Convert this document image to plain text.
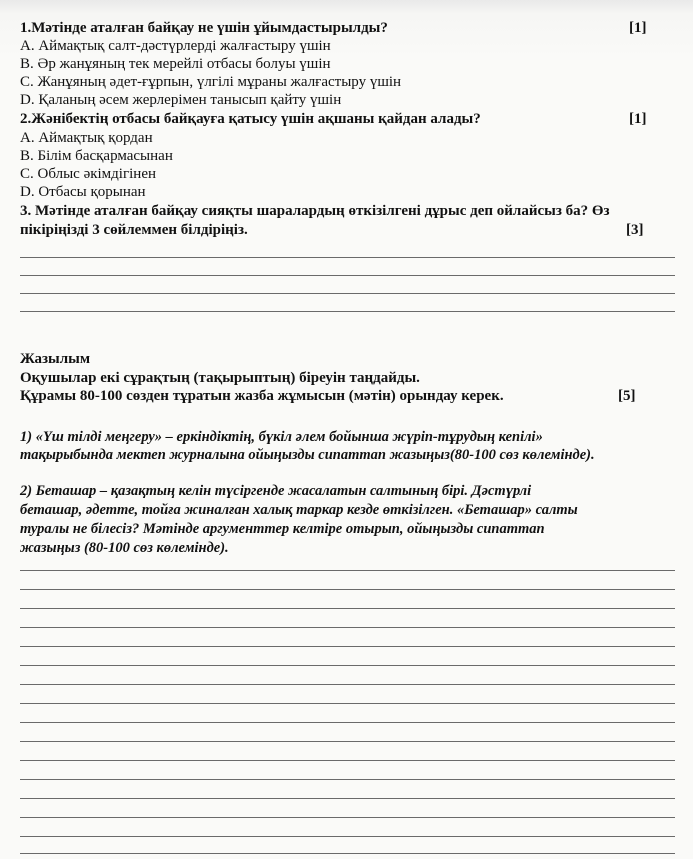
1.Мәтінде аталған байқау не үшін ұйымдастырылды?	[1]
A. Аймақтық салт-дәстүрлерді жалғастыру үшін
B. Әр жанұяның тек мерейлі отбасы болуы үшін
C. Жанұяның әдет-ғұрпын, үлгілі мұраны жалғастыру үшін
D. Қаланың әсем жерлерімен танысып қайту үшін
2.Жәнібектің отбасы байқауға қатысу үшін ақшаны қайдан алады?	[1]
A. Аймақтық қордан
B. Білім басқармасынан
C. Облыс әкімдігінен
D. Отбасы қорынан
3. Мәтінде аталған байқау сияқты шаралардың өткізілгені дұрыс деп ойлайсыз ба? Өз
пікіріңізді 3 сөйлеммен білдіріңіз.	[3]
Жазылым
Оқушылар екі сұрақтың (тақырыптың) біреуін таңдайды.
Құрамы 80-100 сөзден тұратын жазба жұмысын (мәтін) орындау керек.	[5]
1) «Үш тілді меңгеру» – еркіндіктің, бүкіл әлем бойынша жүріп-тұрудың кепілі»
тақырыбында мектеп журналына ойыңызды сипаттап жазыңыз(80-100 сөз көлемінде).
2) Беташар – қазақтың келін түсіргенде жасалатын салтының бірі. Дәстүрлі
беташар, әдетте, тойға жиналған халық таркар кезде өткізілген. «Беташар» салты
туралы не білесіз? Мәтінде аргументтер келтіре отырып, ойыңызды сипаттап
жазыңыз (80-100 сөз көлемінде).
